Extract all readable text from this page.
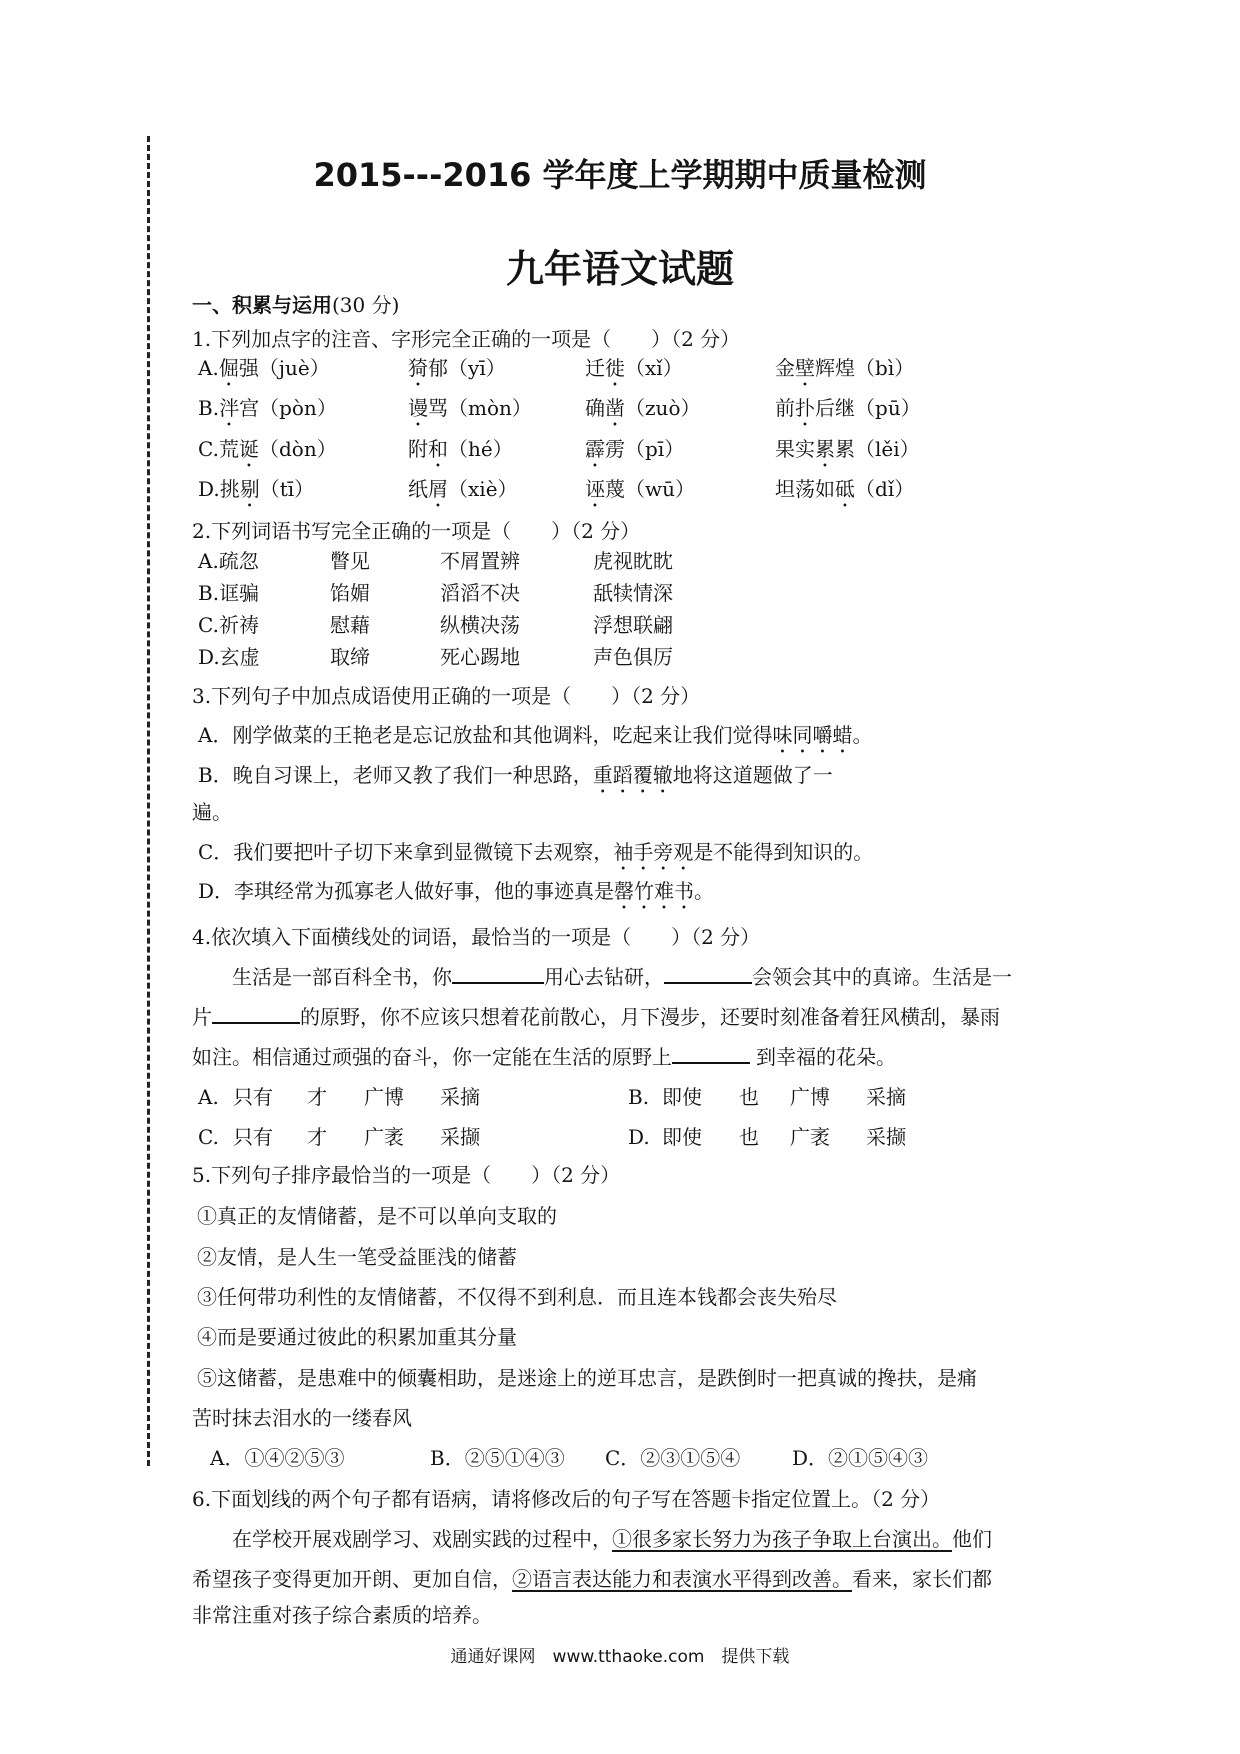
2015---2016 学年度上学期期中质量检测
九年语文试题
一、积累与运用(30 分)
1.下列加点字的注音、字形完全正确的一项是（　　）（2 分）
A.倔强（juè）	猗郁（yī）	迁徙（xǐ）	金壁辉煌（bì）
B.泮宫（pòn）	谩骂（mòn）	确凿（zuò）	前扑后继（pū）
C.荒诞（dòn）	附和（hé）	霹雳（pī）	果实累累（lěi）
D.挑剔（tī）	纸屑（xiè）	诬蔑（wū）	坦荡如砥（dǐ）
2.下列词语书写完全正确的一项是（　　）（2 分）
A.疏忽	瞥见	不屑置辨	虎视眈眈
B.诓骗	馅媚	滔滔不决	舐犊情深
C.祈祷	慰藉	纵横决荡	浮想联翩
D.玄虚	取缔	死心踢地	声色俱厉
3.下列句子中加点成语使用正确的一项是（　　）（2 分）
A．刚学做菜的王艳老是忘记放盐和其他调料，吃起来让我们觉得味同嚼蜡。
B．晚自习课上，老师又教了我们一种思路，重蹈覆辙地将这道题做了一
遍。
C．我们要把叶子切下来拿到显微镜下去观察，袖手旁观是不能得到知识的。
D．李琪经常为孤寡老人做好事，他的事迹真是罄竹难书。
4.依次填入下面横线处的词语，最恰当的一项是（　　）（2 分）
生活是一部百科全书，你	用心去钻研，	会领会其中的真谛。生活是一
片	的原野，你不应该只想着花前散心，月下漫步，还要时刻准备着狂风横刮，暴雨
如注。相信通过顽强的奋斗，你一定能在生活的原野上	到幸福的花朵。
A. 只有 才 广博 采摘	B. 即使 也 广博 采摘
C. 只有 才 广袤 采撷	D. 即使 也 广袤 采撷
5.下列句子排序最恰当的一项是（　　）（2 分）
①真正的友情储蓄，是不可以单向支取的
②友情，是人生一笔受益匪浅的储蓄
③任何带功利性的友情储蓄，不仅得不到利息．而且连本钱都会丧失殆尽
④而是要通过彼此的积累加重其分量
⑤这储蓄，是患难中的倾囊相助，是迷途上的逆耳忠言，是跌倒时一把真诚的搀扶，是痛
苦时抹去泪水的一缕春风
A．①④②⑤③	B．②⑤①④③ C．②③①⑤④	D．②①⑤④③
6.下面划线的两个句子都有语病，请将修改后的句子写在答题卡指定位置上。（2 分）
在学校开展戏剧学习、戏剧实践的过程中，①很多家长努力为孩子争取上台演出。他们
希望孩子变得更加开朗、更加自信，②语言表达能力和表演水平得到改善。看来，家长们都
非常注重对孩子综合素质的培养。
通通好课网　www.tthaoke.com　提供下载
